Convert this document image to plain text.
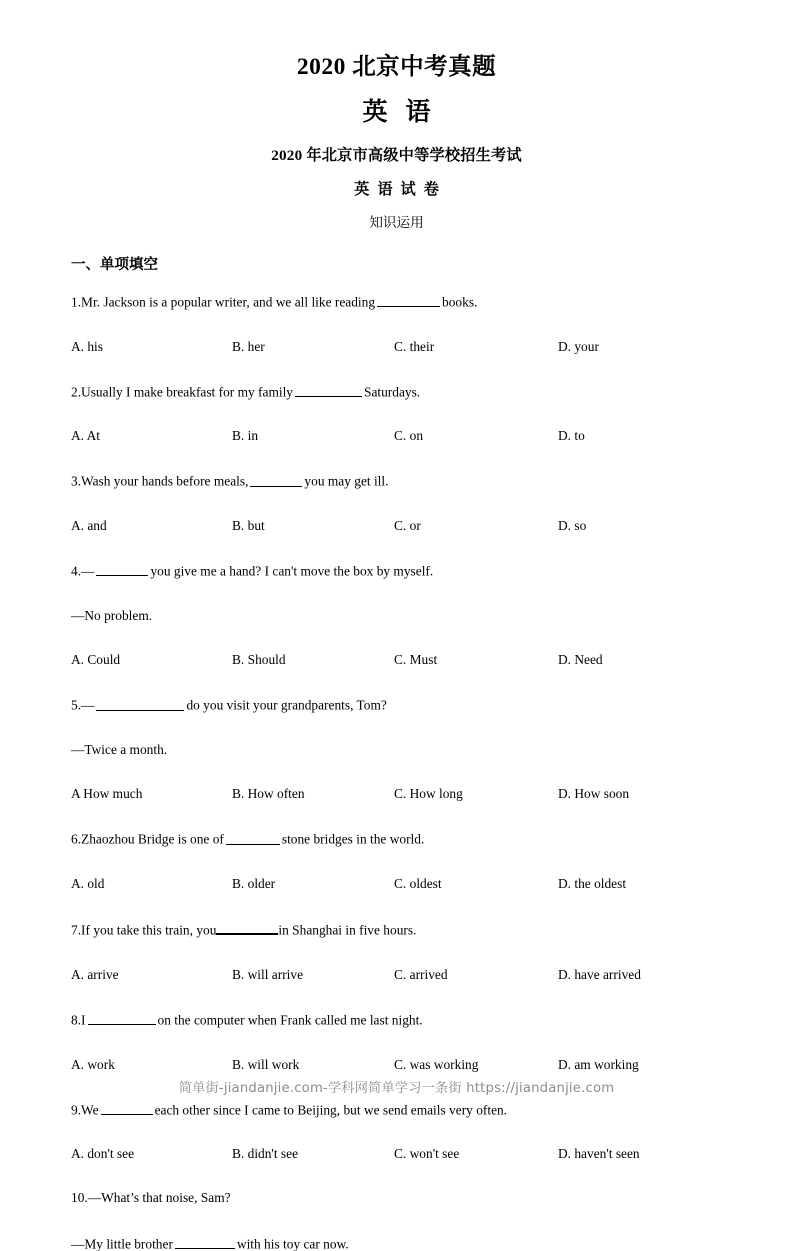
2020 北京中考真题
英 语
2020 年北京市高级中等学校招生考试
英 语 试 卷
知识运用
一、单项填空
1.Mr. Jackson is a popular writer, and we all like reading	books.
A. his	B. her	C. their	D. your
2.Usually I make breakfast for my family	Saturdays.
A. At	B. in	C. on	D. to
3.Wash your hands before meals,	you may get ill.
A. and	B. but	C. or	D. so
4.—	you give me a hand? I can't move the box by myself.
—No problem.
A. Could	B. Should	C. Must	D. Need
5.—	do you visit your grandparents, Tom?
—Twice a month.
A How much	B. How often	C. How long	D. How soon
6.Zhaozhou Bridge is one of	stone bridges in the world.
A. old	B. older	C. oldest	D. the oldest
7.If you take this train, you	in Shanghai in five hours.
A. arrive	B. will arrive	C. arrived	D. have arrived
8.I	on the computer when Frank called me last night.
A. work	B. will work	C. was working	D. am working
9.We	each other since I came to Beijing, but we send emails very often.
A. don't see	B. didn't see	C. won't see	D. haven't seen
10.—What’s that noise, Sam?
—My little brother	with his toy car now.
简单街-jiandanjie.com-学科网简单学习一条街 https://jiandanjie.com
